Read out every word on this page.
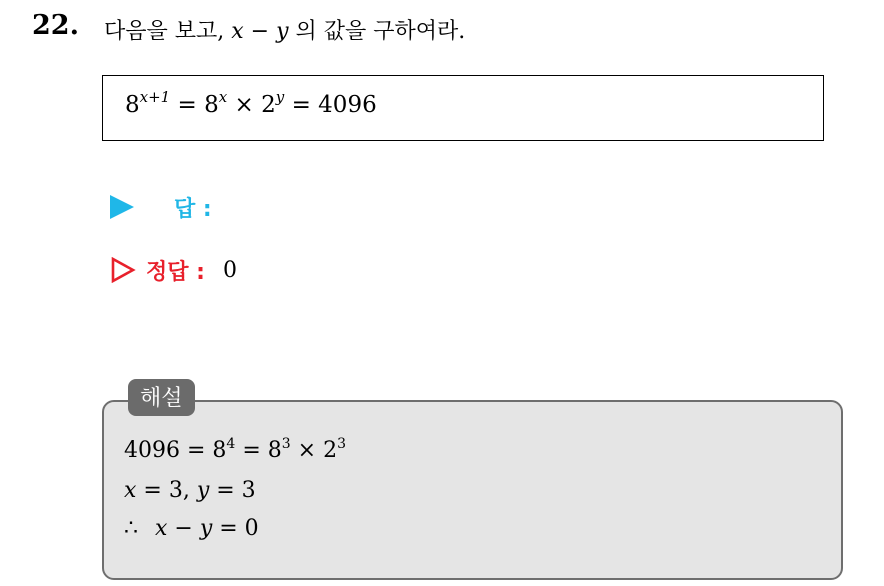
22. 다음을 보고, x − y 의 값을 구하여라.
$8^{x+1} = 8^x \times 2^y = 4096$
답 :
정답 : 0
해설
$4096 = 8^4 = 8^3 \times 2^3$
x = 3, y = 3
∴ x − y = 0
